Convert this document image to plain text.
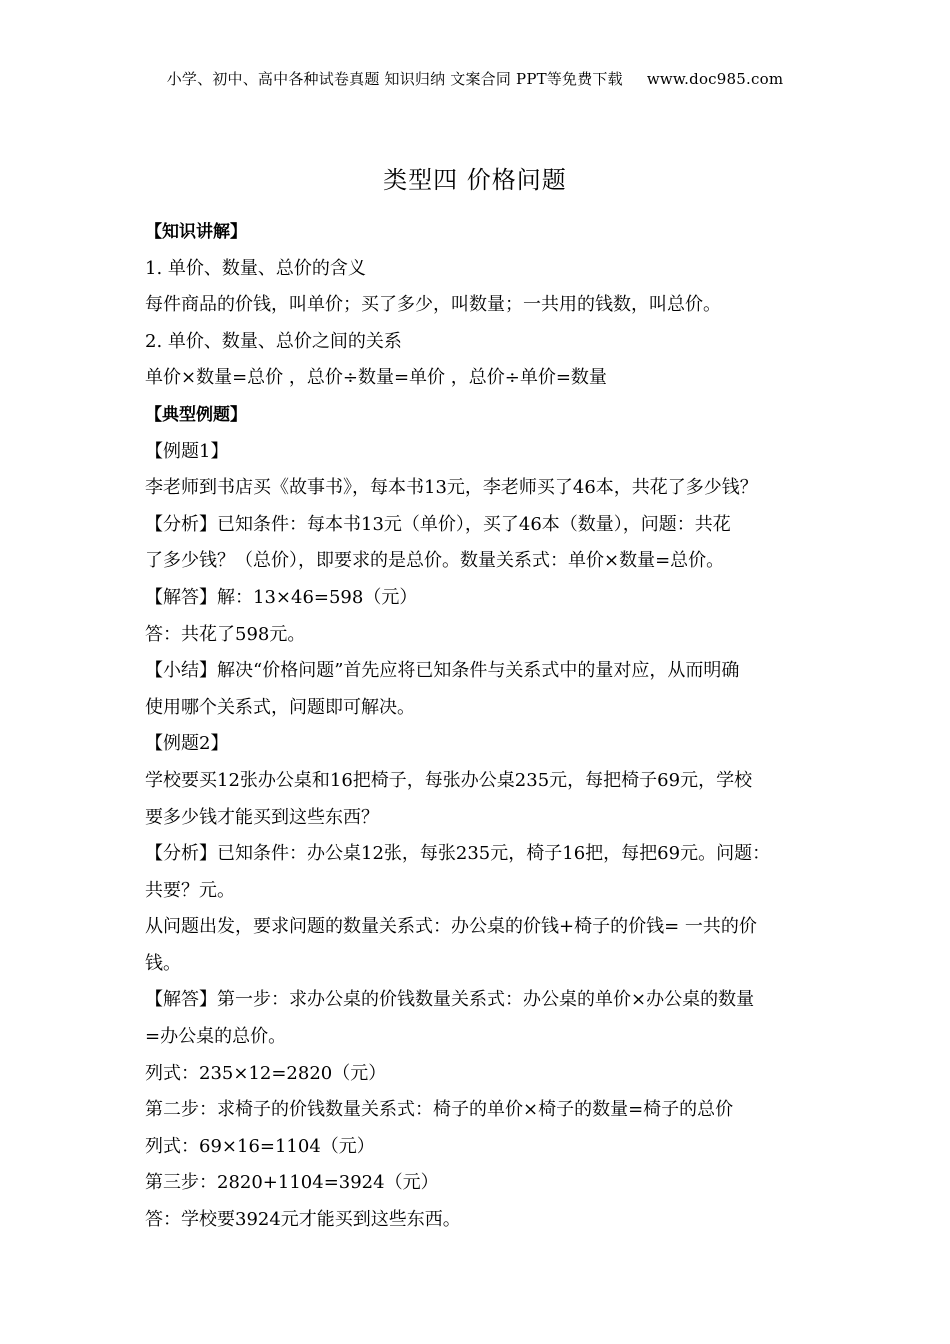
小学、初中、高中各种试卷真题 知识归纳 文案合同 PPT等免费下载 www.doc985.com
类型四 价格问题
【知识讲解】
1. 单价、数量、总价的含义
每件商品的价钱，叫单价；买了多少，叫数量；一共用的钱数，叫总价。
2. 单价、数量、总价之间的关系
单价×数量=总价 ，总价÷数量=单价 ，总价÷单价=数量
【典型例题】
【例题1】
李老师到书店买《故事书》，每本书13元，李老师买了46本，共花了多少钱？
【分析】已知条件：每本书13元（单价），买了46本（数量），问题：共花
了多少钱？（总价），即要求的是总价。数量关系式：单价×数量=总价。
【解答】解：13×46=598（元）
答：共花了598元。
【小结】解决“价格问题”首先应将已知条件与关系式中的量对应，从而明确
使用哪个关系式，问题即可解决。
【例题2】
学校要买12张办公桌和16把椅子，每张办公桌235元，每把椅子69元，学校
要多少钱才能买到这些东西？
【分析】已知条件：办公桌12张，每张235元，椅子16把，每把69元。问题：
共要？元。
从问题出发，要求问题的数量关系式：办公桌的价钱+椅子的价钱= 一共的价
钱。
【解答】第一步：求办公桌的价钱数量关系式：办公桌的单价×办公桌的数量
=办公桌的总价。
列式：235×12=2820（元）
第二步：求椅子的价钱数量关系式：椅子的单价×椅子的数量=椅子的总价
列式：69×16=1104（元）
第三步：2820+1104=3924（元）
答：学校要3924元才能买到这些东西。
